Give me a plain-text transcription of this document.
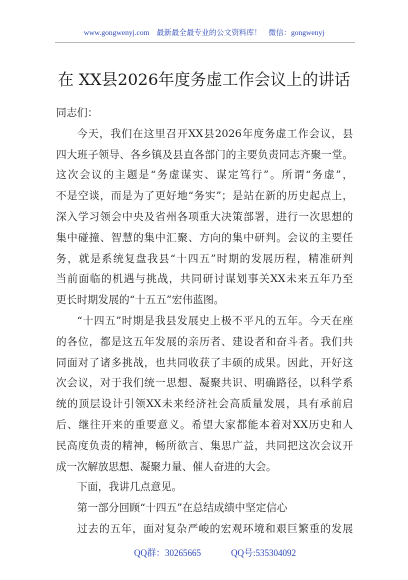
www.gongwenyj.com 最新最全最专业的公文资料库！ 微信：gongwenyj
在 XX县2026年度务虚工作会议上的讲话
同志们：
今天，我们在这里召开XX县2026年度务虚工作会议，县
四大班子领导、各乡镇及县直各部门的主要负责同志齐聚一堂。
这次会议的主题是“务虚谋实、谋定笃行”。所谓“务虚”，
不是空谈，而是为了更好地“务实”；是站在新的历史起点上，
深入学习领会中央及省州各项重大决策部署，进行一次思想的
集中碰撞、智慧的集中汇聚、方向的集中研判。会议的主要任
务，就是系统复盘我县“十四五”时期的发展历程，精准研判
当前面临的机遇与挑战，共同研讨谋划事关XX未来五年乃至
更长时期发展的“十五五”宏伟蓝图。
“十四五”时期是我县发展史上极不平凡的五年。今天在座
的各位，都是这五年发展的亲历者、建设者和奋斗者。我们共
同面对了诸多挑战，也共同收获了丰硕的成果。因此，开好这
次会议，对于我们统一思想、凝聚共识、明确路径，以科学系
统的顶层设计引领XX未来经济社会高质量发展，具有承前启
后、继往开来的重要意义。希望大家都能本着对XX历史和人
民高度负责的精神，畅所欲言、集思广益，共同把这次会议开
成一次解放思想、凝聚力量、催人奋进的大会。
下面，我讲几点意见。
第一部分回顾“十四五”在总结成绩中坚定信心
过去的五年，面对复杂严峻的宏观环境和艰巨繁重的发展
QQ群：30265665	QQ号:535304092
